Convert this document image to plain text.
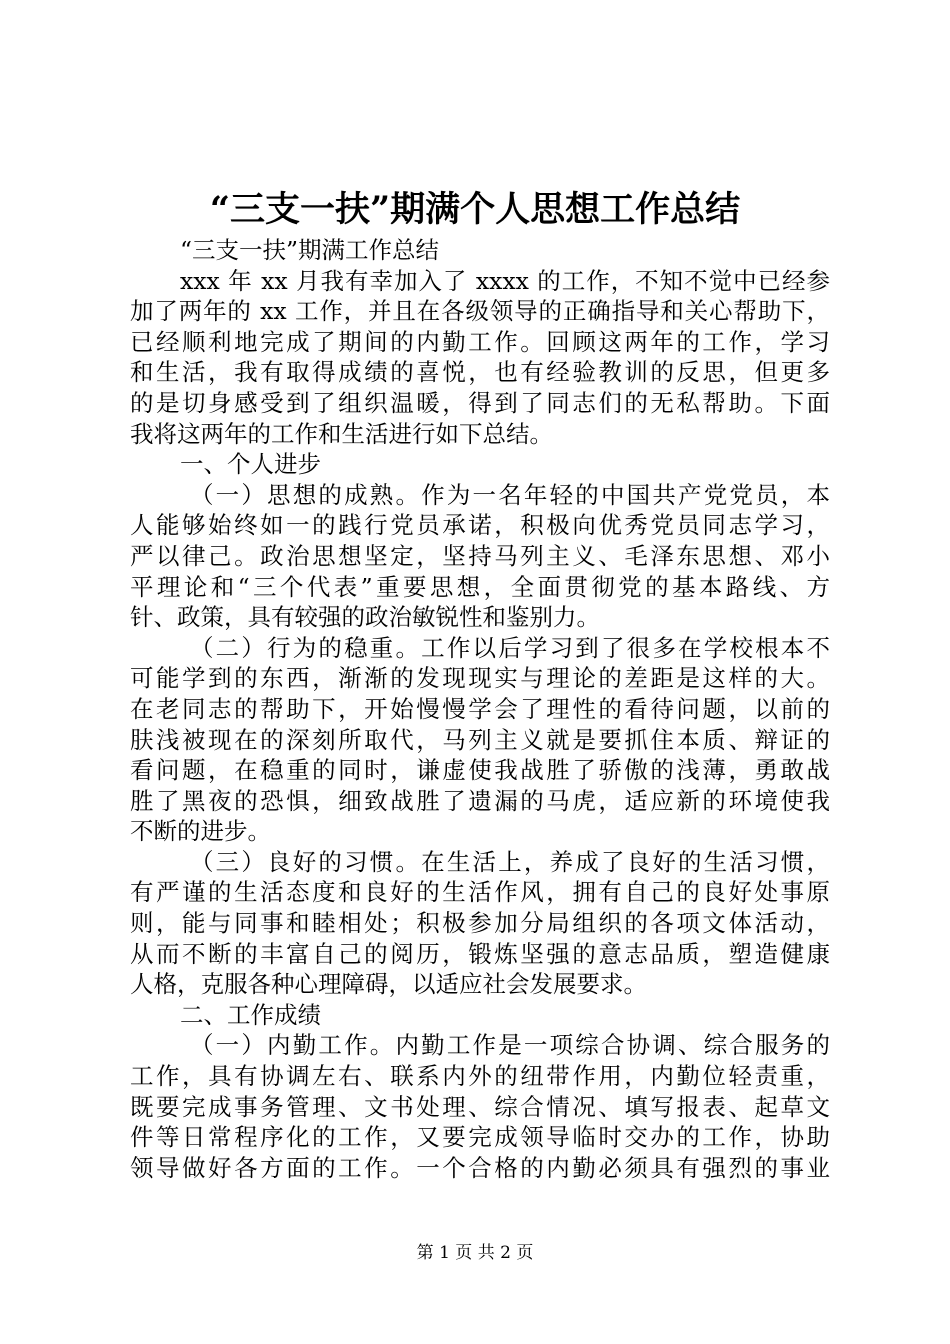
“三支一扶”期满个人思想工作总结
“三支一扶”期满工作总结
xxx 年 xx 月我有幸加入了 xxxx 的工作，不知不觉中已经参
加了两年的 xx 工作，并且在各级领导的正确指导和关心帮助下，
已经顺利地完成了期间的内勤工作。回顾这两年的工作，学习
和生活，我有取得成绩的喜悦，也有经验教训的反思，但更多
的是切身感受到了组织温暖，得到了同志们的无私帮助。下面
我将这两年的工作和生活进行如下总结。
一、个人进步
（一）思想的成熟。作为一名年轻的中国共产党党员，本
人能够始终如一的践行党员承诺，积极向优秀党员同志学习，
严以律己。政治思想坚定，坚持马列主义、毛泽东思想、邓小
平理论和“三个代表”重要思想，全面贯彻党的基本路线、方
针、政策，具有较强的政治敏锐性和鉴别力。
（二）行为的稳重。工作以后学习到了很多在学校根本不
可能学到的东西，渐渐的发现现实与理论的差距是这样的大。
在老同志的帮助下，开始慢慢学会了理性的看待问题，以前的
肤浅被现在的深刻所取代，马列主义就是要抓住本质、辩证的
看问题，在稳重的同时，谦虚使我战胜了骄傲的浅薄，勇敢战
胜了黑夜的恐惧，细致战胜了遗漏的马虎，适应新的环境使我
不断的进步。
（三）良好的习惯。在生活上，养成了良好的生活习惯，
有严谨的生活态度和良好的生活作风，拥有自己的良好处事原
则，能与同事和睦相处；积极参加分局组织的各项文体活动，
从而不断的丰富自己的阅历，锻炼坚强的意志品质，塑造健康
人格，克服各种心理障碍，以适应社会发展要求。
二、工作成绩
（一）内勤工作。内勤工作是一项综合协调、综合服务的
工作，具有协调左右、联系内外的纽带作用，内勤位轻责重，
既要完成事务管理、文书处理、综合情况、填写报表、起草文
件等日常程序化的工作，又要完成领导临时交办的工作，协助
领导做好各方面的工作。一个合格的内勤必须具有强烈的事业
第 1 页 共 2 页
